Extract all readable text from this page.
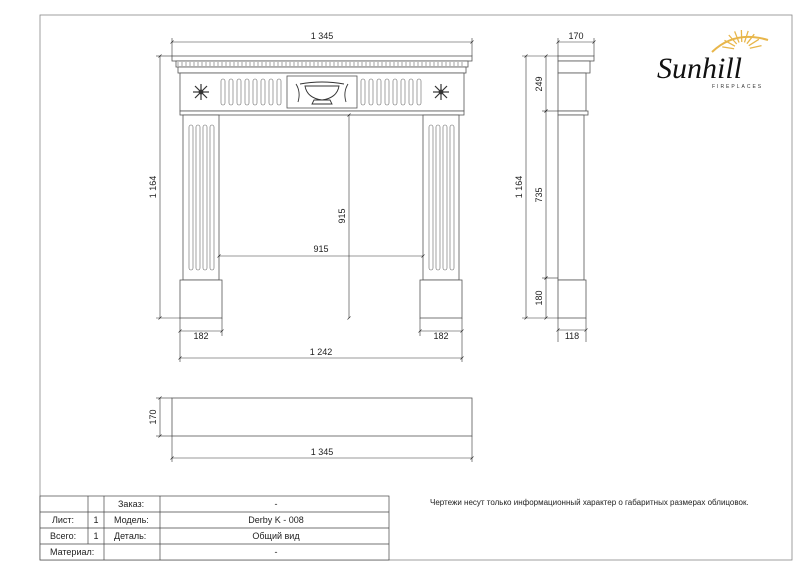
1 345
1 164
915
915
182	182
1 242
170
1 164
249
735
180
118
170
1 345
Sunhill
FIREPLACES
Чертежи несут только информационный характер о габаритных размерах облицовок.
Заказ:	-
Лист: 1 Модель:	Derby K - 008
Всего: 1 Деталь:	Общий вид
Материал:	-
